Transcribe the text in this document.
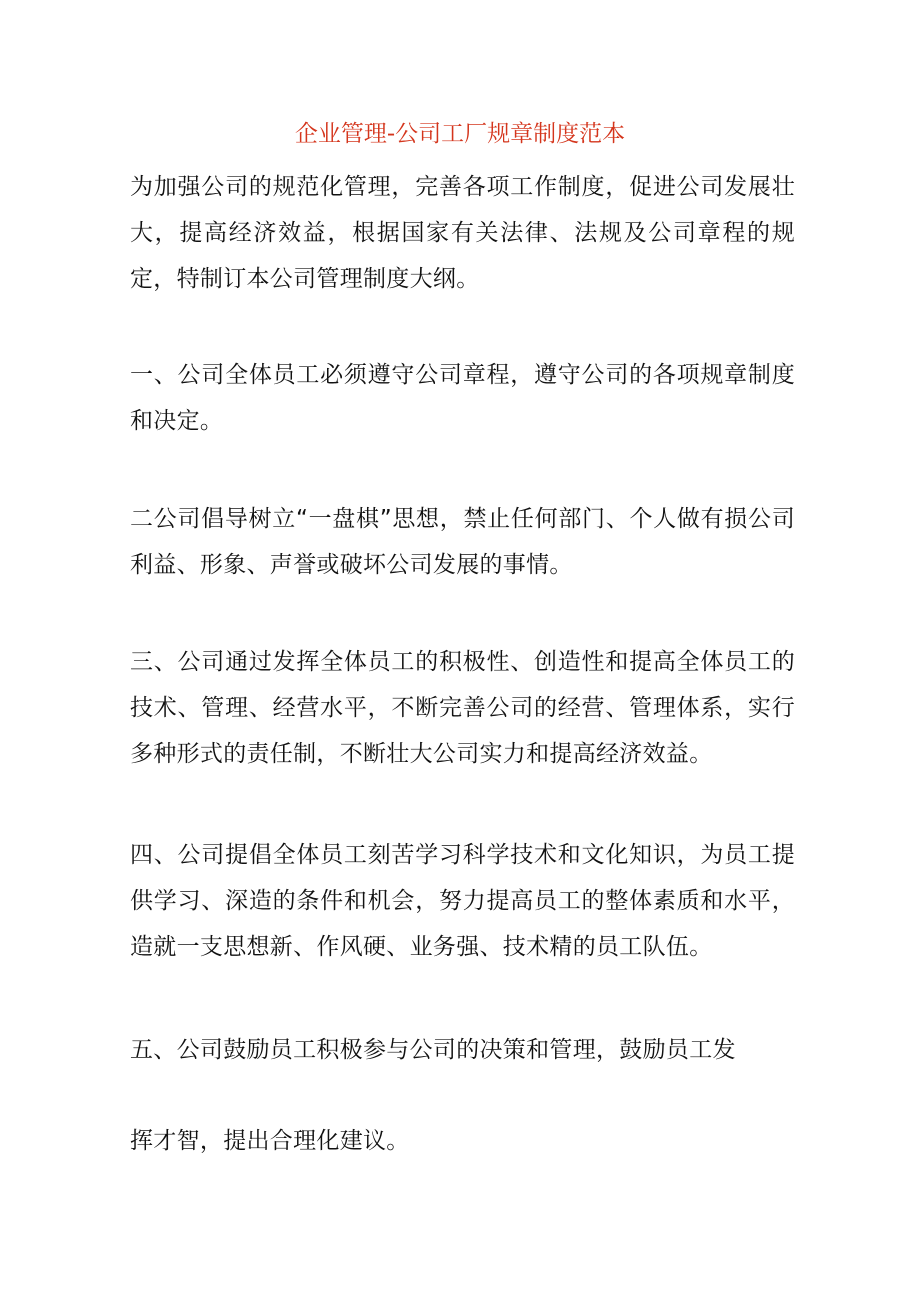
企业管理-公司工厂规章制度范本

为加强公司的规范化管理，完善各项工作制度，促进公司发展壮大，提高经济效益，根据国家有关法律、法规及公司章程的规定，特制订本公司管理制度大纲。

一、公司全体员工必须遵守公司章程，遵守公司的各项规章制度和决定。

二公司倡导树立“一盘棋”思想，禁止任何部门、个人做有损公司利益、形象、声誉或破坏公司发展的事情。

三、公司通过发挥全体员工的积极性、创造性和提高全体员工的技术、管理、经营水平，不断完善公司的经营、管理体系，实行多种形式的责任制，不断壮大公司实力和提高经济效益。

四、公司提倡全体员工刻苦学习科学技术和文化知识，为员工提供学习、深造的条件和机会，努力提高员工的整体素质和水平，造就一支思想新、作风硬、业务强、技术精的员工队伍。

五、公司鼓励员工积极参与公司的决策和管理，鼓励员工发

挥才智，提出合理化建议。
